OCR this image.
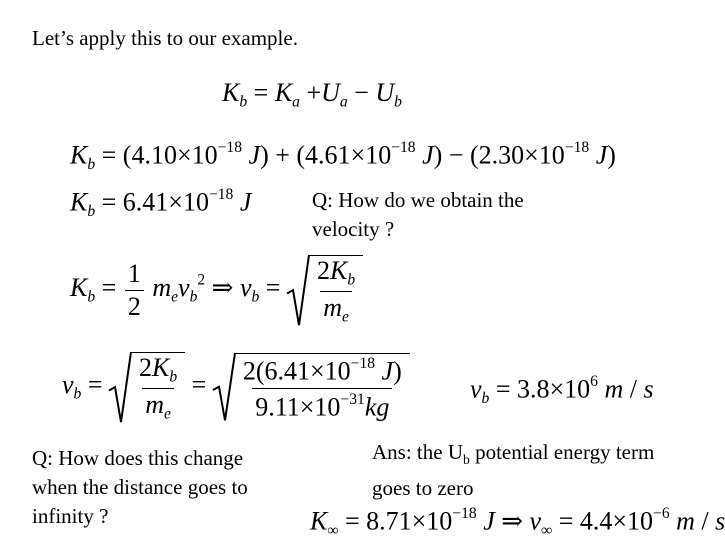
Let’s apply this to our example.
$K_b = K_a +U_a - U_b$
$K_b = (4.10\times 10^{-18}$ $J) + (4.61\times 10^{-18}$ $J) - (2.30\times 10^{-18}$ J)
$K_b = 6.41\times 10^{-18}$ J	Q: How do we obtain the
velocity ?
$K_b = \frac{1}{2} m_ev_b^2$ ⇒ $v_b = \frac{2K_b}{m_e}$
$v_b = \frac{2K_b}{m_e} = \frac{2(6.41\times 10^{-18} J)}{9.11\times 10^{-31}kg}$	$v_b = 3.8\times 10^6$ m / s
Ans: the $U_b$ potential energy term
goes to zero
Q: How does this change
when the distance goes to
infinity ?	$K_\infty = 8.71\times 10^{-18}$ J ⇒ $v_\infty = 4.4\times 10^{-6}$ m / s
